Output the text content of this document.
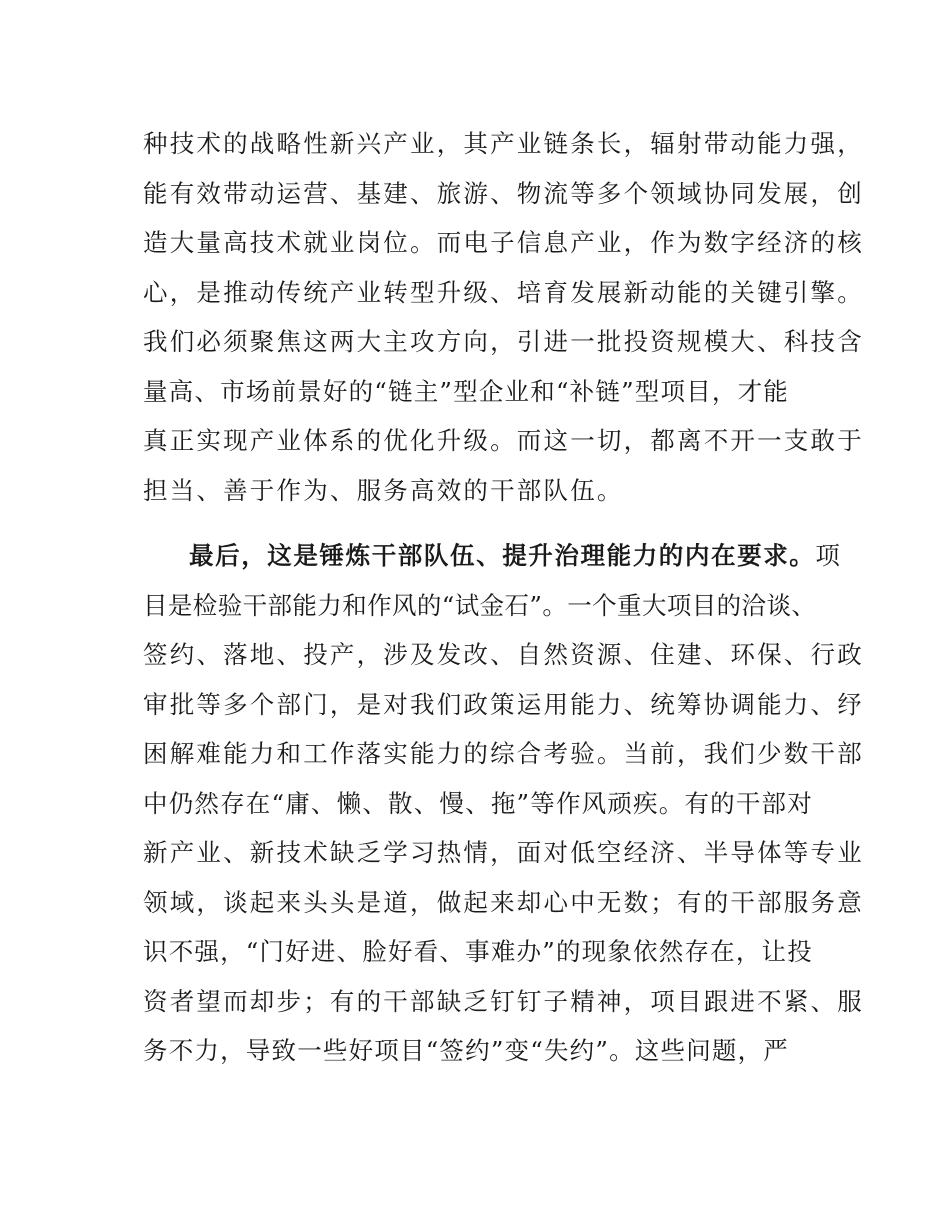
种技术的战略性新兴产业，其产业链条长，辐射带动能力强，
能有效带动运营、基建、旅游、物流等多个领域协同发展，创
造大量高技术就业岗位。而电子信息产业，作为数字经济的核
心，是推动传统产业转型升级、培育发展新动能的关键引擎。
我们必须聚焦这两大主攻方向，引进一批投资规模大、科技含
量高、市场前景好的“链主”型企业和“补链”型项目，才能
真正实现产业体系的优化升级。而这一切，都离不开一支敢于
担当、善于作为、服务高效的干部队伍。
最后，这是锤炼干部队伍、提升治理能力的内在要求。项
目是检验干部能力和作风的“试金石”。一个重大项目的洽谈、
签约、落地、投产，涉及发改、自然资源、住建、环保、行政
审批等多个部门，是对我们政策运用能力、统筹协调能力、纾
困解难能力和工作落实能力的综合考验。当前，我们少数干部
中仍然存在“庸、懒、散、慢、拖”等作风顽疾。有的干部对
新产业、新技术缺乏学习热情，面对低空经济、半导体等专业
领域，谈起来头头是道，做起来却心中无数；有的干部服务意
识不强，“门好进、脸好看、事难办”的现象依然存在，让投
资者望而却步；有的干部缺乏钉钉子精神，项目跟进不紧、服
务不力，导致一些好项目“签约”变“失约”。这些问题，严
